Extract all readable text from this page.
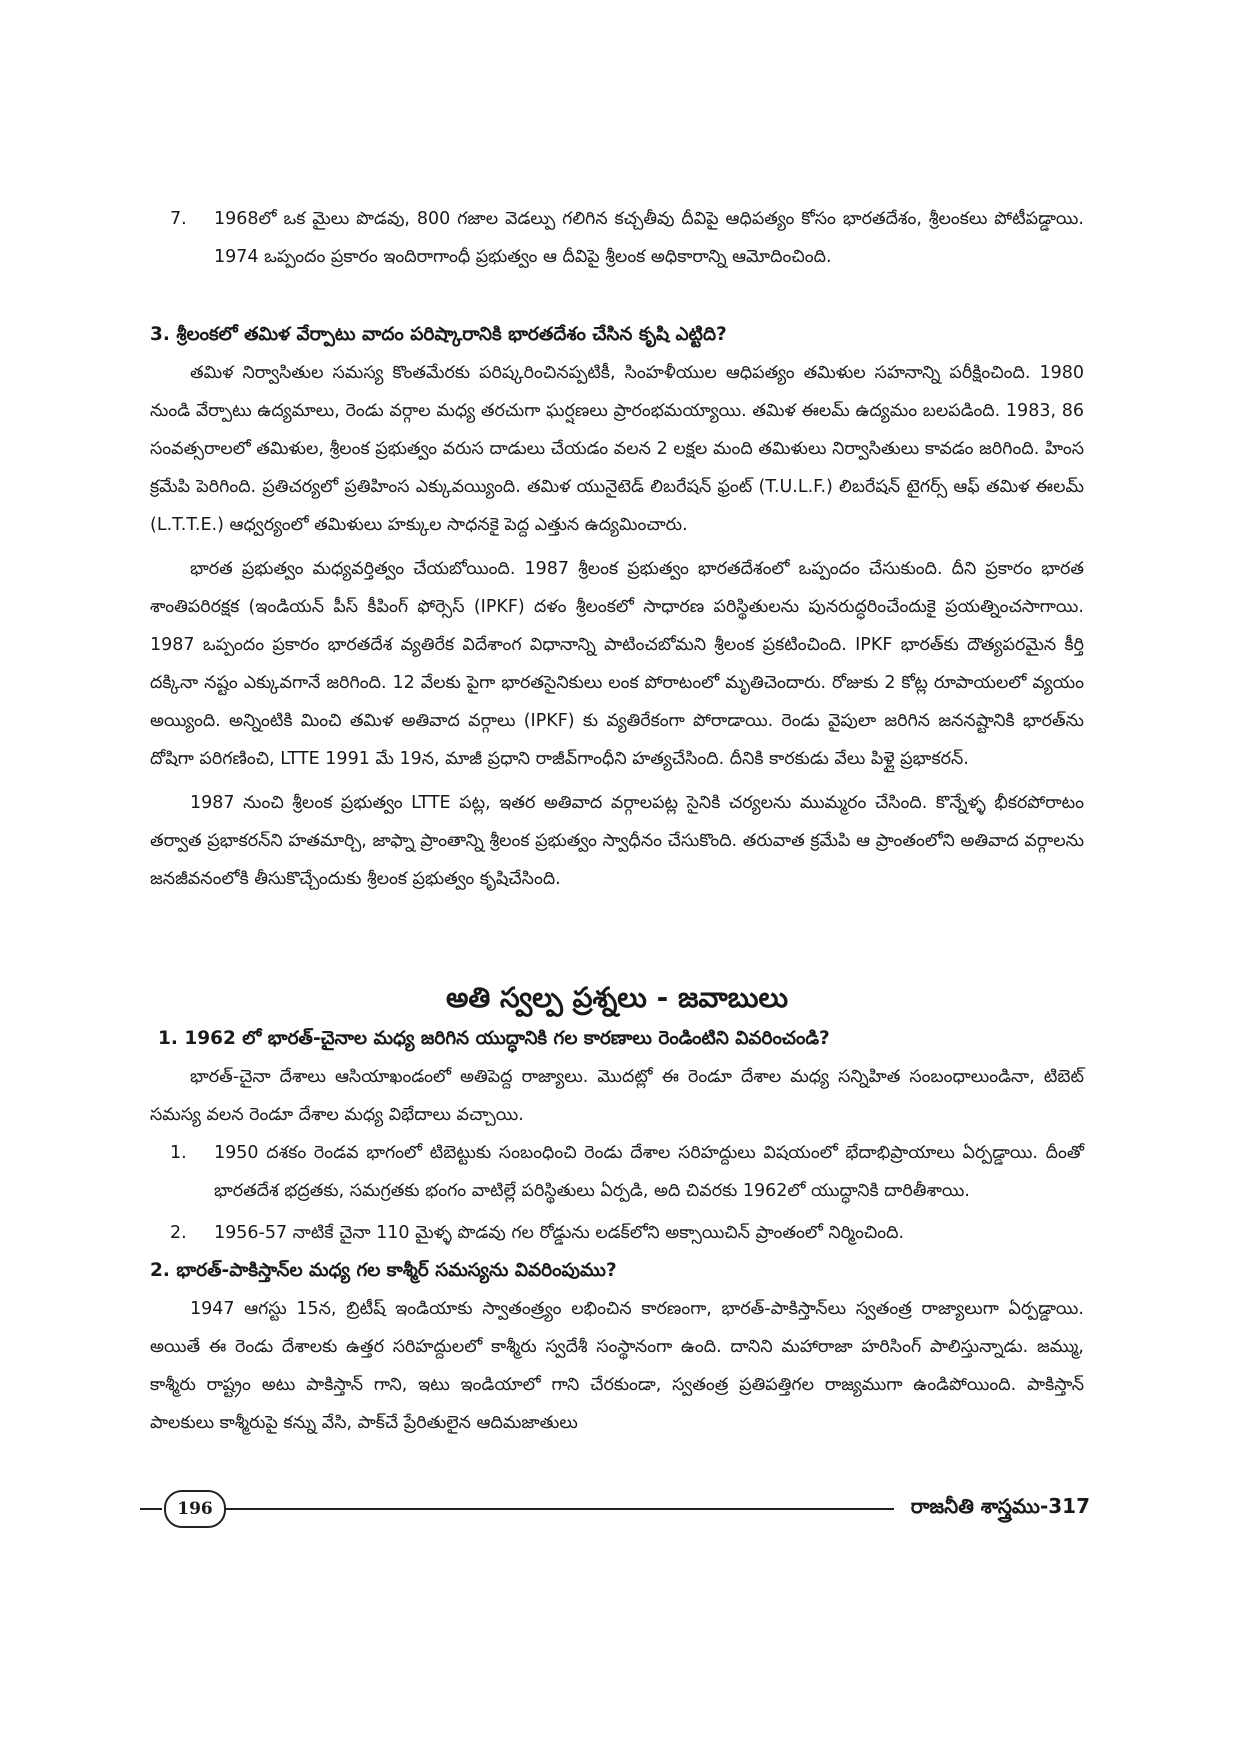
7. 1968లో ఒక మైలు పొడవు, 800 గజాల వెడల్పు గలిగిన కచ్చతీవు దీవిపై ఆధిపత్యం కోసం భారతదేశం, శ్రీలంకలు పోటీపడ్డాయి. 1974 ఒప్పందం ప్రకారం ఇందిరాగాంధీ ప్రభుత్వం ఆ దీవిపై శ్రీలంక అధికారాన్ని ఆమోదించింది.

3. శ్రీలంకలో తమిళ వేర్పాటు వాదం పరిష్కారానికి భారతదేశం చేసిన కృషి ఎట్టిది?

తమిళ నిర్వాసితుల సమస్య కొంతమేరకు పరిష్కరించినప్పటికీ, సింహళీయుల ఆధిపత్యం తమిళుల సహనాన్ని పరీక్షించింది. 1980 నుండి వేర్పాటు ఉద్యమాలు, రెండు వర్గాల మధ్య తరచుగా ఘర్షణలు ప్రారంభమయ్యాయి. తమిళ ఈలమ్ ఉద్యమం బలపడింది. 1983, 86 సంవత్సరాలలో తమిళుల, శ్రీలంక ప్రభుత్వం వరుస దాడులు చేయడం వలన 2 లక్షల మంది తమిళులు నిర్వాసితులు కావడం జరిగింది. హింస క్రమేపి పెరిగింది. ప్రతిచర్యలో ప్రతిహింస ఎక్కువయ్యింది. తమిళ యునైటెడ్ లిబరేషన్ ఫ్రంట్ (T.U.L.F.) లిబరేషన్ టైగర్స్ ఆఫ్ తమిళ ఈలమ్ (L.T.T.E.) ఆధ్వర్యంలో తమిళులు హక్కుల సాధనకై పెద్ద ఎత్తున ఉద్యమించారు.

భారత ప్రభుత్వం మధ్యవర్తిత్వం చేయబోయింది. 1987 శ్రీలంక ప్రభుత్వం భారతదేశంలో ఒప్పందం చేసుకుంది. దీని ప్రకారం భారత శాంతిపరిరక్షక (ఇండియన్ పీస్ కీపింగ్ ఫోర్సెస్ (IPKF) దళం శ్రీలంకలో సాధారణ పరిస్థితులను పునరుద్ధరించేందుకై ప్రయత్నించసాగాయి. 1987 ఒప్పందం ప్రకారం భారతదేశ వ్యతిరేక విదేశాంగ విధానాన్ని పాటించబోమని శ్రీలంక ప్రకటించింది. IPKF భారత్‌కు దౌత్యపరమైన కీర్తి దక్కినా నష్టం ఎక్కువగానే జరిగింది. 12 వేలకు పైగా భారతసైనికులు లంక పోరాటంలో మృతిచెందారు. రోజుకు 2 కోట్ల రూపాయలలో వ్యయం అయ్యింది. అన్నింటికి మించి తమిళ అతివాద వర్గాలు (IPKF) కు వ్యతిరేకంగా పోరాడాయి. రెండు వైపులా జరిగిన జననష్టానికి భారత్‌ను దోషిగా పరిగణించి, LTTE 1991 మే 19న, మాజీ ప్రధాని రాజీవ్‌గాంధీని హత్యచేసింది. దీనికి కారకుడు వేలు పిళ్లై ప్రభాకరన్.

1987 నుంచి శ్రీలంక ప్రభుత్వం LTTE పట్ల, ఇతర అతివాద వర్గాలపట్ల సైనికి చర్యలను ముమ్మరం చేసింది. కొన్నేళ్ళ భీకరపోరాటం తర్వాత ప్రభాకరన్‌ని హతమార్చి, జాఫ్నా ప్రాంతాన్ని శ్రీలంక ప్రభుత్వం స్వాధీనం చేసుకొంది. తరువాత క్రమేపి ఆ ప్రాంతంలోని అతివాద వర్గాలను జనజీవనంలోకి తీసుకొచ్చేందుకు శ్రీలంక ప్రభుత్వం కృషిచేసింది.

అతి స్వల్ప ప్రశ్నలు - జవాబులు

1. 1962 లో భారత్-చైనాల మధ్య జరిగిన యుద్ధానికి గల కారణాలు రెండింటిని వివరించండి?

భారత్-చైనా దేశాలు ఆసియాఖండంలో అతిపెద్ద రాజ్యాలు. మొదట్లో ఈ రెండూ దేశాల మధ్య సన్నిహిత సంబంధాలుండినా, టిబెట్ సమస్య వలన రెండూ దేశాల మధ్య విభేదాలు వచ్చాయి.

1. 1950 దశకం రెండవ భాగంలో టిబెట్టుకు సంబంధించి రెండు దేశాల సరిహద్దులు విషయంలో భేదాభిప్రాయాలు ఏర్పడ్డాయి. దీంతో భారతదేశ భద్రతకు, సమగ్రతకు భంగం వాటిల్లే పరిస్థితులు ఏర్పడి, అది చివరకు 1962లో యుద్ధానికి దారితీశాయి.
2. 1956-57 నాటికే చైనా 110 మైళ్ళ పొడవు గల రోడ్డును లడక్‌లోని అక్సాయిచిన్ ప్రాంతంలో నిర్మించింది.

2. భారత్-పాకిస్తాన్‌ల మధ్య గల కాశ్మీర్ సమస్యను వివరింపుము?

1947 ఆగస్టు 15న, బ్రిటీష్ ఇండియాకు స్వాతంత్ర్యం లభించిన కారణంగా, భారత్-పాకిస్తాన్‌లు స్వతంత్ర రాజ్యాలుగా ఏర్పడ్డాయి. అయితే ఈ రెండు దేశాలకు ఉత్తర సరిహద్దులలో కాశ్మీరు స్వదేశీ సంస్థానంగా ఉంది. దానిని మహారాజా హరిసింగ్ పాలిస్తున్నాడు. జమ్ము, కాశ్మీరు రాష్ట్రం అటు పాకిస్తాన్ గాని, ఇటు ఇండియాలో గాని చేరకుండా, స్వతంత్ర ప్రతిపత్తిగల రాజ్యముగా ఉండిపోయింది. పాకిస్తాన్ పాలకులు కాశ్మీరుపై కన్ను వేసి, పాక్‌చే ప్రేరితులైన ఆదిమజాతులు

196	రాజనీతి శాస్త్రము-317
